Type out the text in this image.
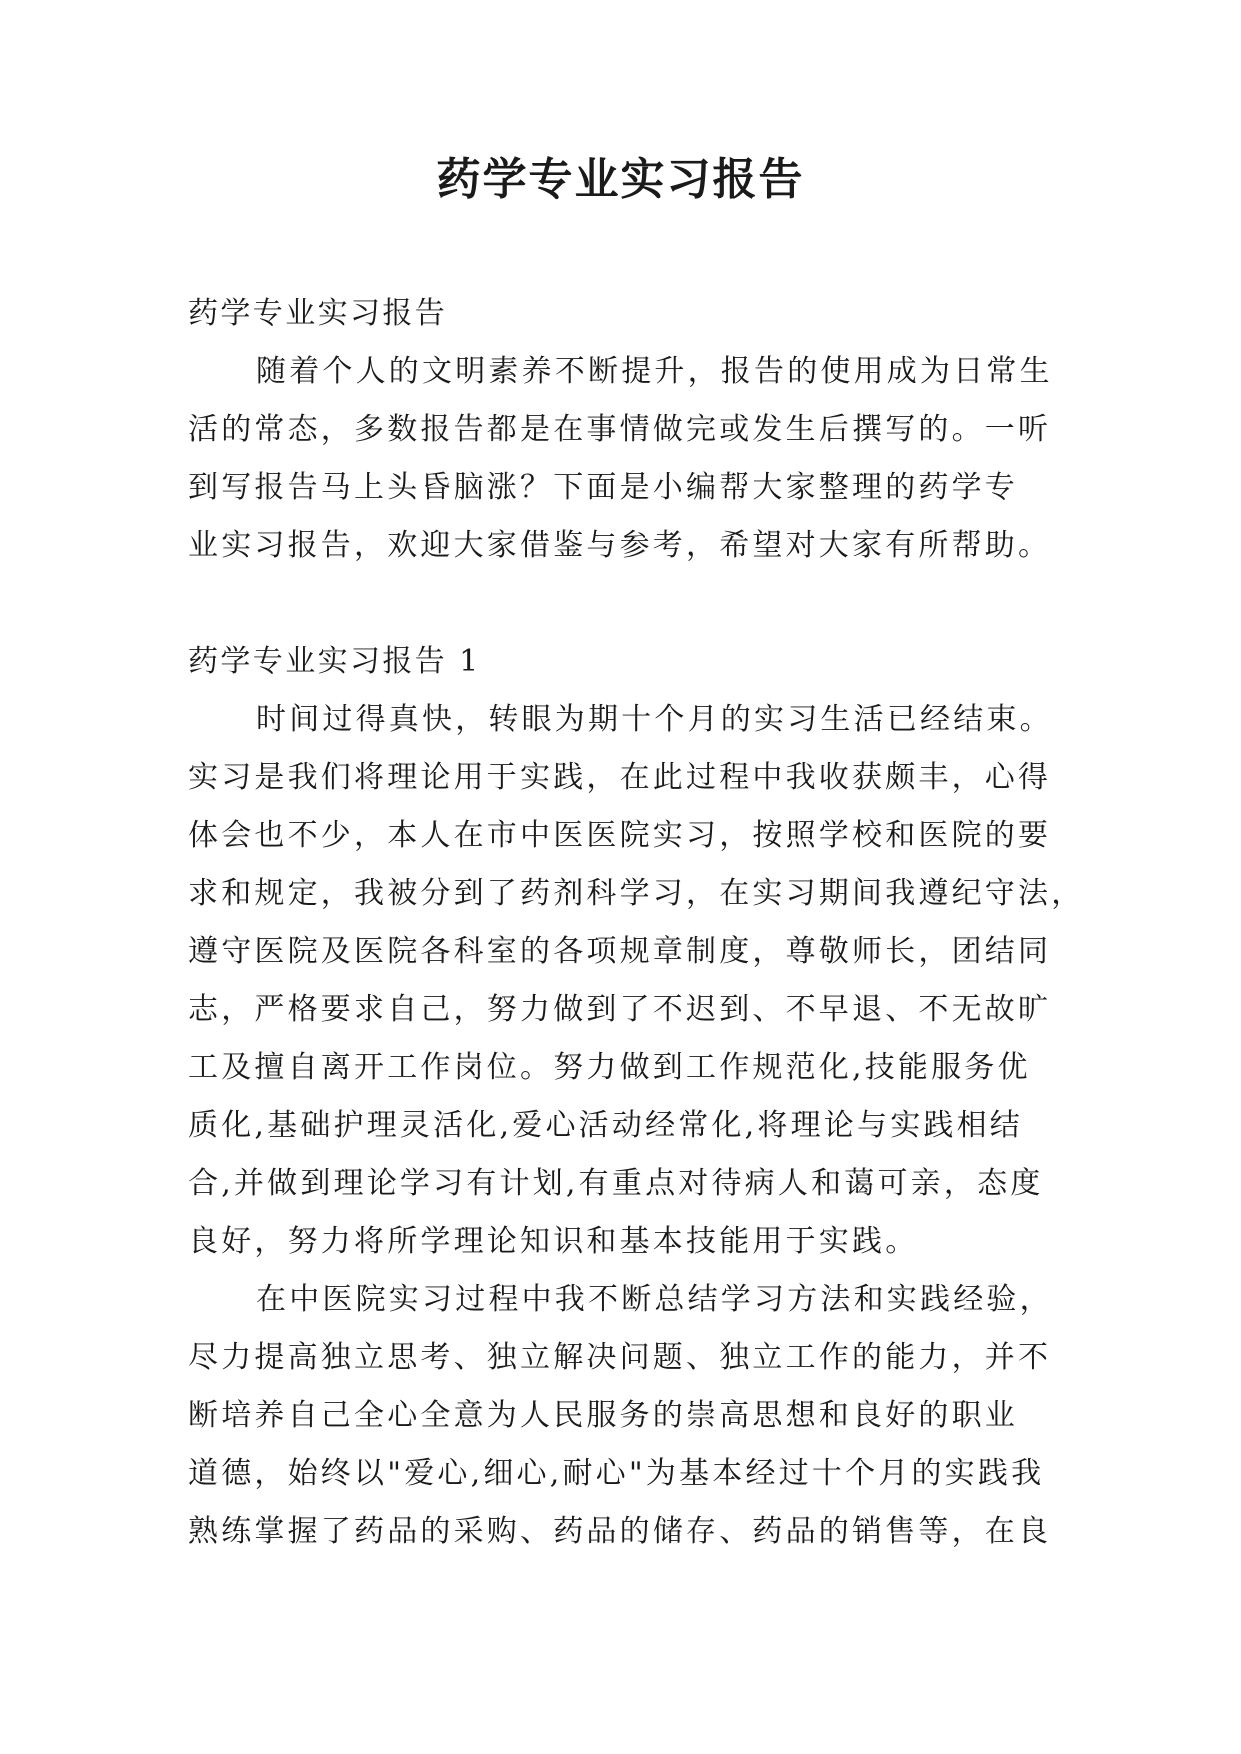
药学专业实习报告

药学专业实习报告

随着个人的文明素养不断提升，报告的使用成为日常生

活的常态，多数报告都是在事情做完或发生后撰写的。一听

到写报告马上头昏脑涨？下面是小编帮大家整理的药学专

业实习报告，欢迎大家借鉴与参考，希望对大家有所帮助。

药学专业实习报告 1

时间过得真快，转眼为期十个月的实习生活已经结束。

实习是我们将理论用于实践，在此过程中我收获颇丰，心得

体会也不少，本人在市中医医院实习，按照学校和医院的要

求和规定，我被分到了药剂科学习，在实习期间我遵纪守法，

遵守医院及医院各科室的各项规章制度，尊敬师长，团结同

志，严格要求自己，努力做到了不迟到、不早退、不无故旷

工及擅自离开工作岗位。努力做到工作规范化,技能服务优

质化,基础护理灵活化,爱心活动经常化,将理论与实践相结

合,并做到理论学习有计划,有重点对待病人和蔼可亲，态度

良好，努力将所学理论知识和基本技能用于实践。

在中医院实习过程中我不断总结学习方法和实践经验，

尽力提高独立思考、独立解决问题、独立工作的能力，并不

断培养自己全心全意为人民服务的崇高思想和良好的职业

道德，始终以"爱心,细心,耐心"为基本经过十个月的实践我

熟练掌握了药品的采购、药品的储存、药品的销售等，在良
